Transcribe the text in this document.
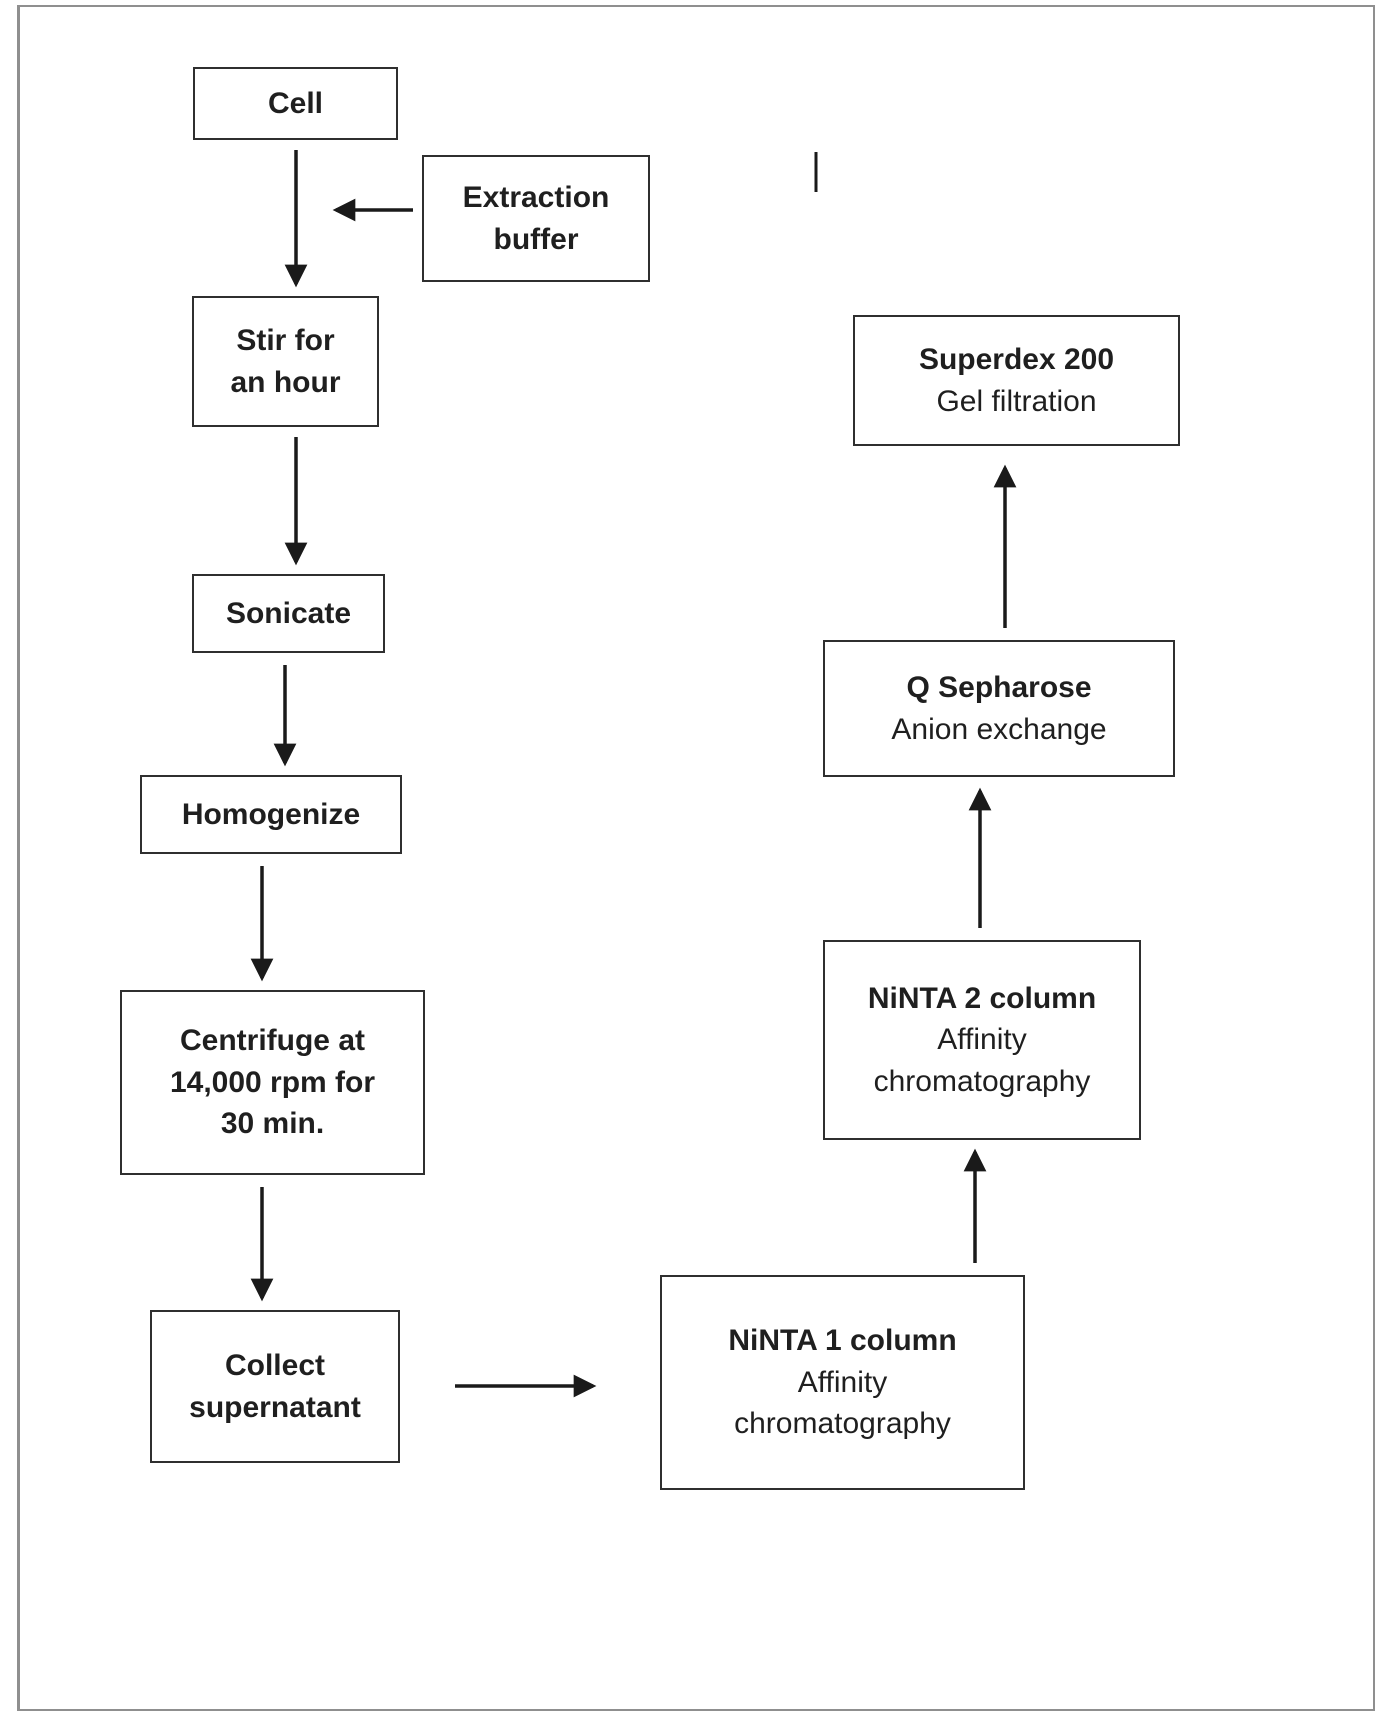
Cell
Extraction
buffer
Stir for
an hour
Sonicate
Homogenize
Centrifuge at
14,000 rpm for
30 min.
Collect
supernatant
NiNTA 1 column
Affinity
chromatography
NiNTA 2 column
Affinity
chromatography
Q Sepharose
Anion exchange
Superdex 200
Gel filtration
